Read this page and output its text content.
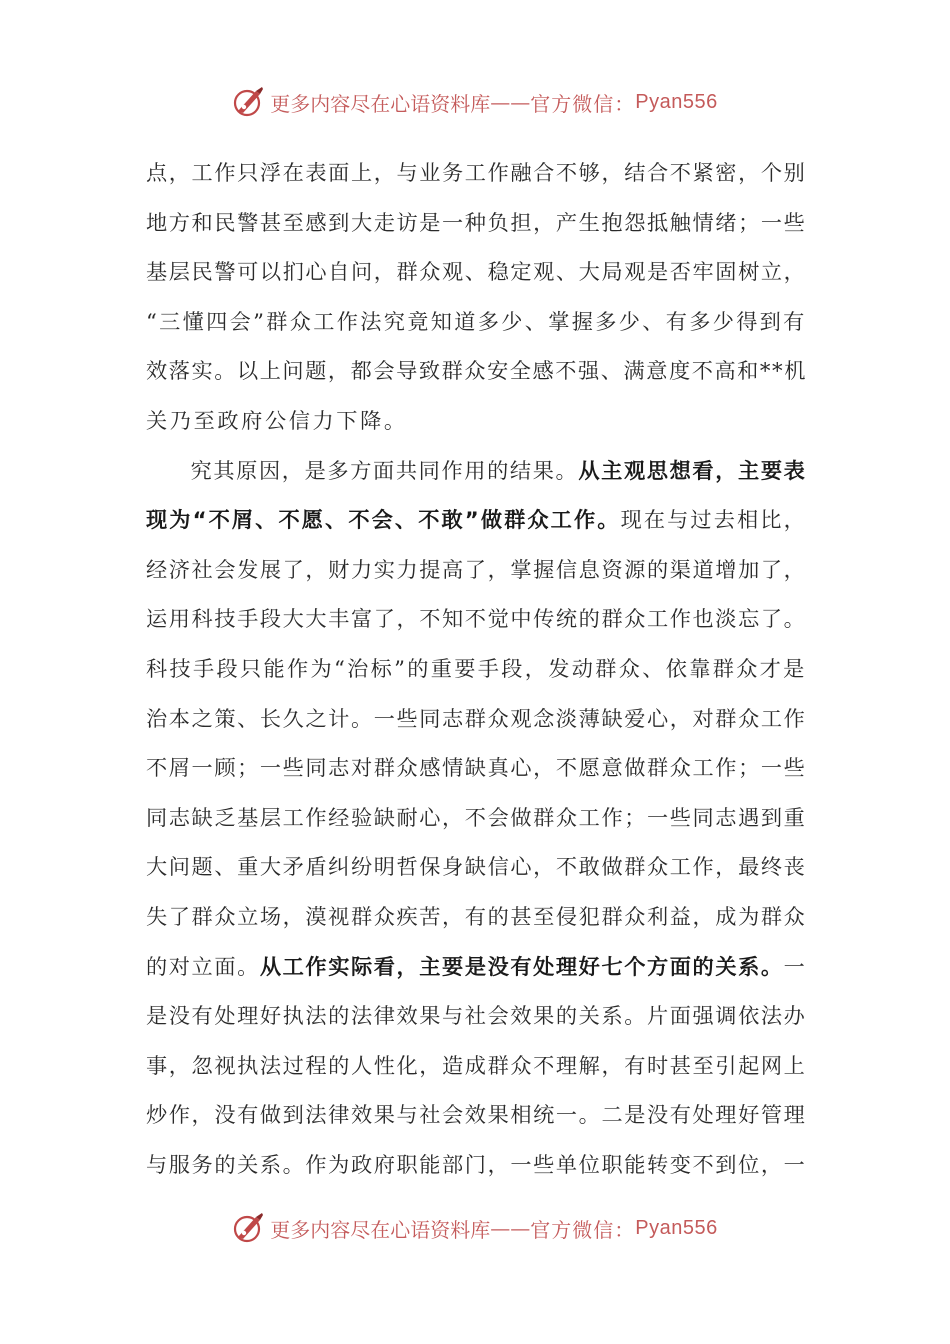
更多内容尽在心语资料库 —— 官方微信： Pyan556
点，工作只浮在表面上，与业务工作融合不够，结合不紧密，个别
地方和民警甚至感到大走访是一种负担，产生抱怨抵触情绪；一些
基层民警可以扪心自问，群众观、稳定观、大局观是否牢固树立，
“三懂四会”群众工作法究竟知道多少、掌握多少、有多少得到有
效落实。以上问题，都会导致群众安全感不强、满意度不高和**机
关乃至政府公信力下降。
究其原因，是多方面共同作用的结果。从主观思想看，主要表
现为“不屑、不愿、不会、不敢”做群众工作。现在与过去相比，
经济社会发展了，财力实力提高了，掌握信息资源的渠道增加了，
运用科技手段大大丰富了，不知不觉中传统的群众工作也淡忘了。
科技手段只能作为“治标”的重要手段，发动群众、依靠群众才是
治本之策、长久之计。一些同志群众观念淡薄缺爱心，对群众工作
不屑一顾；一些同志对群众感情缺真心，不愿意做群众工作；一些
同志缺乏基层工作经验缺耐心，不会做群众工作；一些同志遇到重
大问题、重大矛盾纠纷明哲保身缺信心，不敢做群众工作，最终丧
失了群众立场，漠视群众疾苦，有的甚至侵犯群众利益，成为群众
的对立面。从工作实际看，主要是没有处理好七个方面的关系。一
是没有处理好执法的法律效果与社会效果的关系。片面强调依法办
事，忽视执法过程的人性化，造成群众不理解，有时甚至引起网上
炒作，没有做到法律效果与社会效果相统一。二是没有处理好管理
与服务的关系。作为政府职能部门，一些单位职能转变不到位，一
更多内容尽在心语资料库 —— 官方微信： Pyan556
